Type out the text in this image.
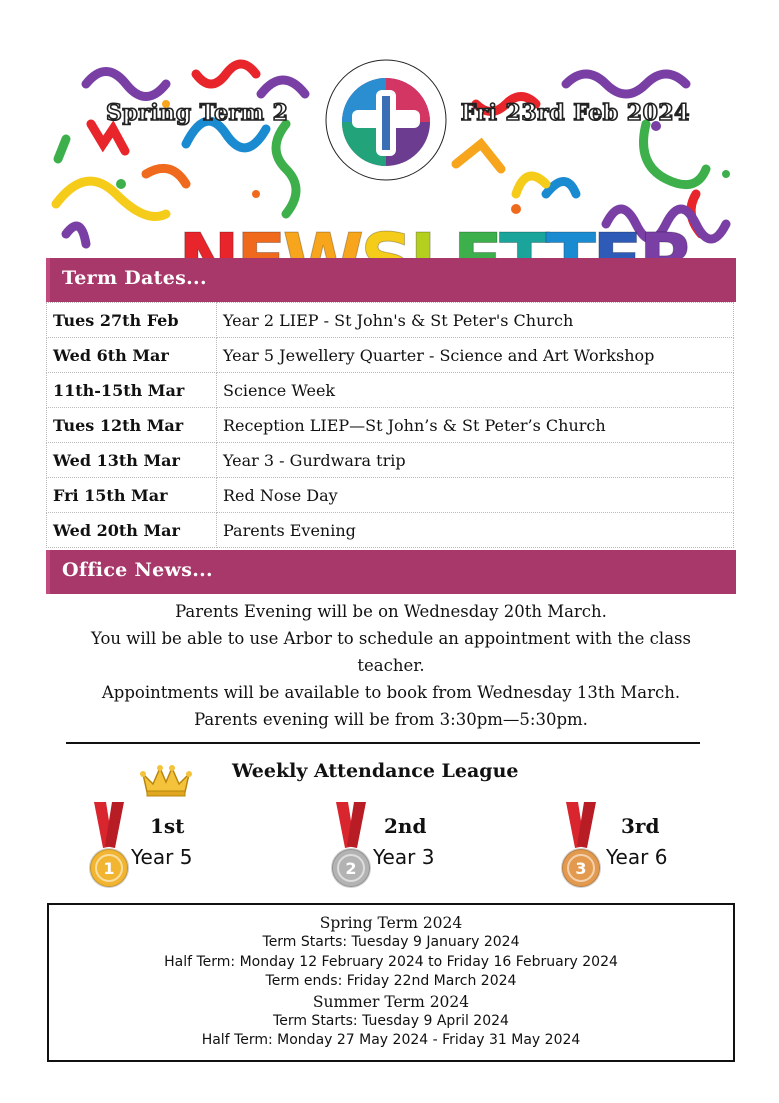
Spring Term 2	Fri 23rd Feb 2024
Term Dates...
Tues 27th Feb	Year 2 LIEP - St John's & St Peter's Church
Wed 6th Mar	Year 5 Jewellery Quarter - Science and Art Workshop
11th-15th Mar	Science Week
Tues 12th Mar	Reception LIEP—St John’s & St Peter’s Church
Wed 13th Mar	Year 3 - Gurdwara trip
Fri 15th Mar	Red Nose Day
Wed 20th Mar	Parents Evening
Office News...

Parents Evening will be on Wednesday 20th March.

You will be able to use Arbor to schedule an appointment with the class teacher.

Appointments will be available to book from Wednesday 13th March.

Parents evening will be from 3:30pm—5:30pm.

Weekly Attendance League
1
1st
Year 5	2
2nd
Year 3	3
3rd
Year 6
Spring Term 2024
Term Starts: Tuesday 9 January 2024
Half Term: Monday 12 February 2024 to Friday 16 February 2024
Term ends: Friday 22nd March 2024
Summer Term 2024
Term Starts: Tuesday 9 April 2024
Half Term: Monday 27 May 2024 - Friday 31 May 2024
